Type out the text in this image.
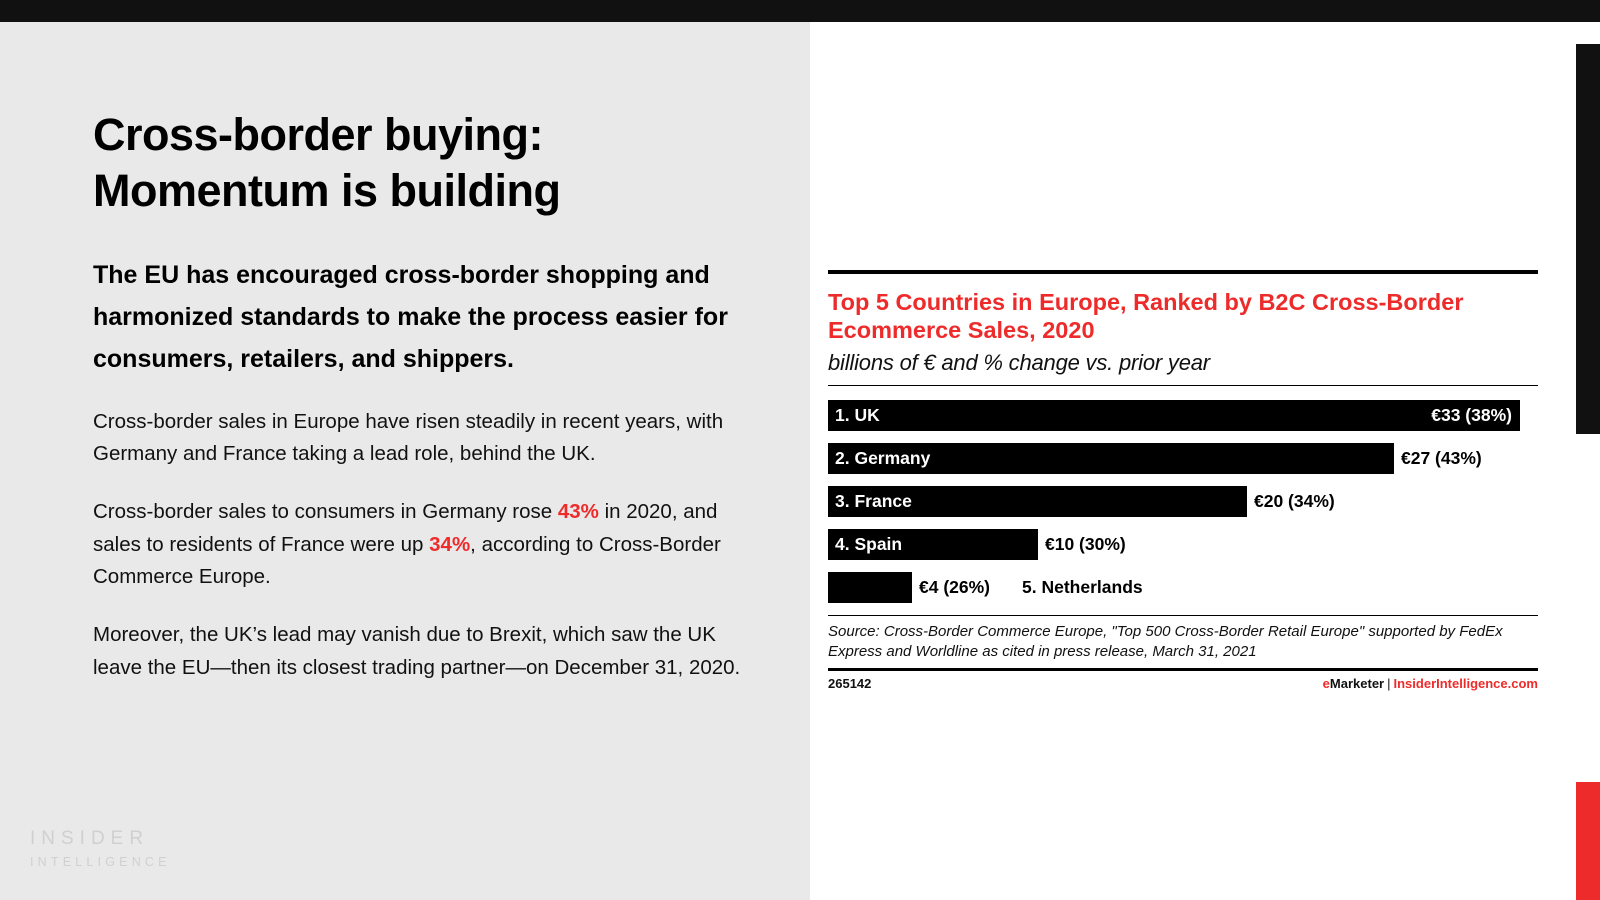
Cross-border buying: Momentum is building
The EU has encouraged cross-border shopping and harmonized standards to make the process easier for consumers, retailers, and shippers.
Cross-border sales in Europe have risen steadily in recent years, with Germany and France taking a lead role, behind the UK.
Cross-border sales to consumers in Germany rose 43% in 2020, and sales to residents of France were up 34%, according to Cross-Border Commerce Europe.
Moreover, the UK’s lead may vanish due to Brexit, which saw the UK leave the EU—then its closest trading partner—on December 31, 2020.
INSIDER
INTELLIGENCE
Top 5 Countries in Europe, Ranked by B2C Cross-Border Ecommerce Sales, 2020
billions of € and % change vs. prior year
1. UK	€33 (38%)
2. Germany	€27 (43%)
3. France	€20 (34%)
4. Spain	€10 (30%)
€4 (26%)	5. Netherlands
Source: Cross-Border Commerce Europe, "Top 500 Cross-Border Retail Europe" supported by FedEx Express and Worldline as cited in press release, March 31, 2021
265142	eMarketer | InsiderIntelligence.com
